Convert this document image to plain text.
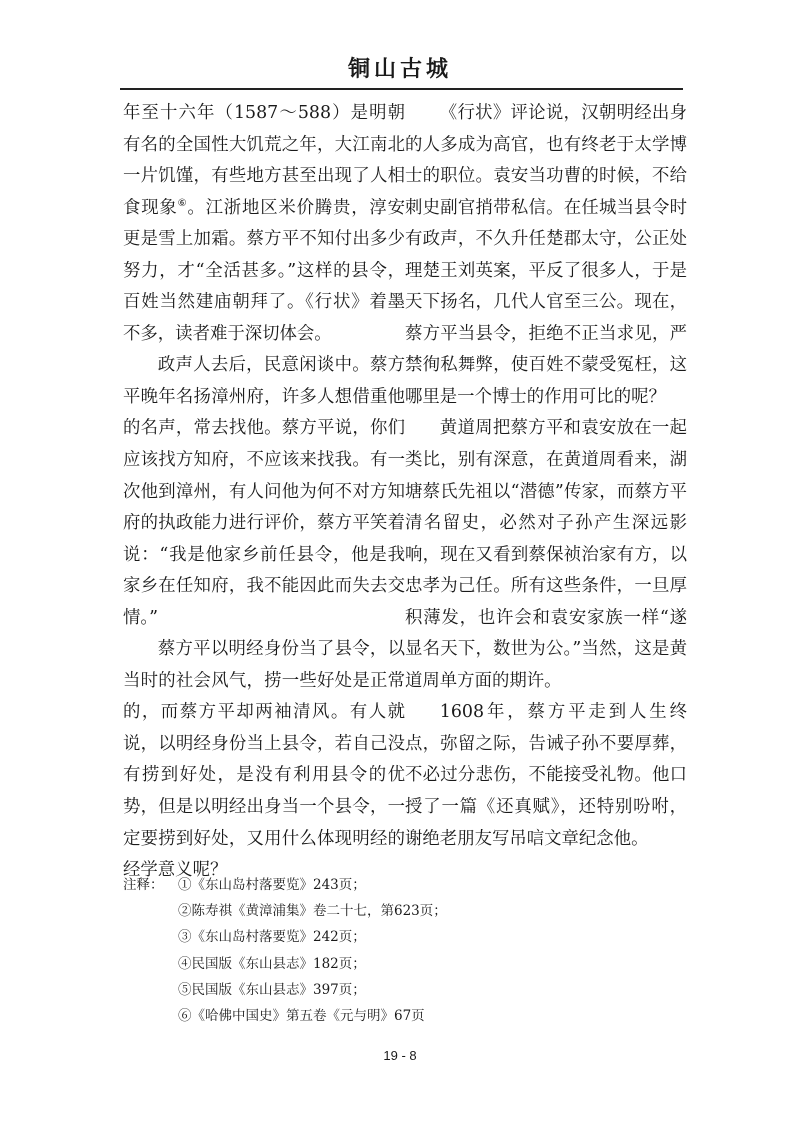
铜山古城

年至十六年（1587～588）是明朝有名的全国性大饥荒之年，大江南北一片饥馑，有些地方甚至出现了人相食现象⑥。江浙地区米价腾贵，淳安更是雪上加霜。蔡方平不知付出多少努力，才“全活甚多。”这样的县令，百姓当然建庙朝拜了。《行状》着墨不多，读者难于深切体会。

政声人去后，民意闲谈中。蔡方平晚年名扬漳州府，许多人想借重他的名声，常去找他。蔡方平说，你们应该找方知府，不应该来找我。有一次他到漳州，有人问他为何不对方知府的执政能力进行评价，蔡方平笑着说：“我是他家乡前任县令，他是我家乡在任知府，我不能因此而失去交情。”

蔡方平以明经身份当了县令，以当时的社会风气，捞一些好处是正常的，而蔡方平却两袖清风。有人就说，以明经身份当上县令，若自己没有捞到好处，是没有利用县令的优势，但是以明经出身当一个县令，一定要捞到好处，又用什么体现明经的经学意义呢？

《行状》评论说，汉朝明经出身的人多成为高官，也有终老于太学博士的职位。袁安当功曹的时候，不给刺史副官捎带私信。在任城当县令时有政声，不久升任楚郡太守，公正处理楚王刘英案，平反了很多人，于是天下扬名，几代人官至三公。现在，蔡方平当县令，拒绝不正当求见，严禁徇私舞弊，使百姓不蒙受冤枉，这哪里是一个博士的作用可比的呢？

黄道周把蔡方平和袁安放在一起类比，别有深意，在黄道周看来，湖塘蔡氏先祖以“潜德”传家，而蔡方平清名留史，必然对子孙产生深远影响，现在又看到蔡保祯治家有方，以忠孝为己任。所有这些条件，一旦厚积薄发，也许会和袁安家族一样“遂显名天下，数世为公。”当然，这是黄道周单方面的期许。

1608年，蔡方平走到人生终点，弥留之际，告诫子孙不要厚葬，不必过分悲伤，不能接受礼物。他口授了一篇《还真赋》，还特别吩咐，谢绝老朋友写吊唁文章纪念他。

注释： ①《东山岛村落要览》243页；
②陈寿祺《黄漳浦集》卷二十七，第623页；
③《东山岛村落要览》242页；
④民国版《东山县志》182页；
⑤民国版《东山县志》397页；
⑥《哈佛中国史》第五卷《元与明》67页
19 - 8
